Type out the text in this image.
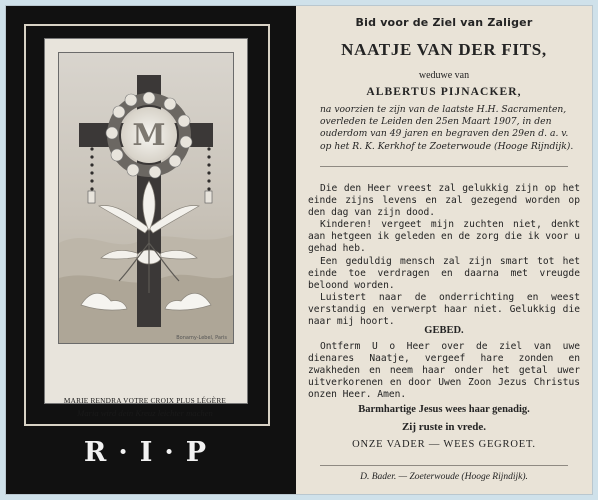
M
Bonamy-Lebel, Paris
MARIE RENDRA VOTRE CROIX PLUS LÉGÈRE
Maria wird dein Kreuz leichter machen
R·I·P
Bid voor de Ziel van Zaliger
NAATJE VAN DER FITS,
weduwe van
ALBERTUS PIJNACKER,
na voorzien te zijn van de laatste H.H. Sacramenten, overleden te Leiden den 25en Maart 1907, in den ouderdom van 49 jaren en begraven den 29en d. a. v. op het R. K. Kerkhof te Zoeterwoude (Hooge Rijndijk).

Die den Heer vreest zal gelukkig zijn op het einde zijns levens en zal gezegend worden op den dag van zijn dood.

Kinderen! vergeet mijn zuchten niet, denkt aan hetgeen ik geleden en de zorg die ik voor u gehad heb.

Een geduldig mensch zal zijn smart tot het einde toe verdragen en daarna met vreugde beloond worden.

Luistert naar de onderrichting en weest verstandig en verwerpt haar niet. Gelukkig die naar mij hoort.

GEBED.
Ontferm U o Heer over de ziel van uwe dienares Naatje, vergeef hare zonden en zwakheden en neem haar onder het getal uwer uitverkorenen en door Uwen Zoon Jezus Christus onzen Heer. Amen.
Barmhartige Jesus wees haar genadig.
Zij ruste in vrede.
ONZE VADER — WEES GEGROET.
D. Bader. — Zoeterwoude (Hooge Rijndijk).
